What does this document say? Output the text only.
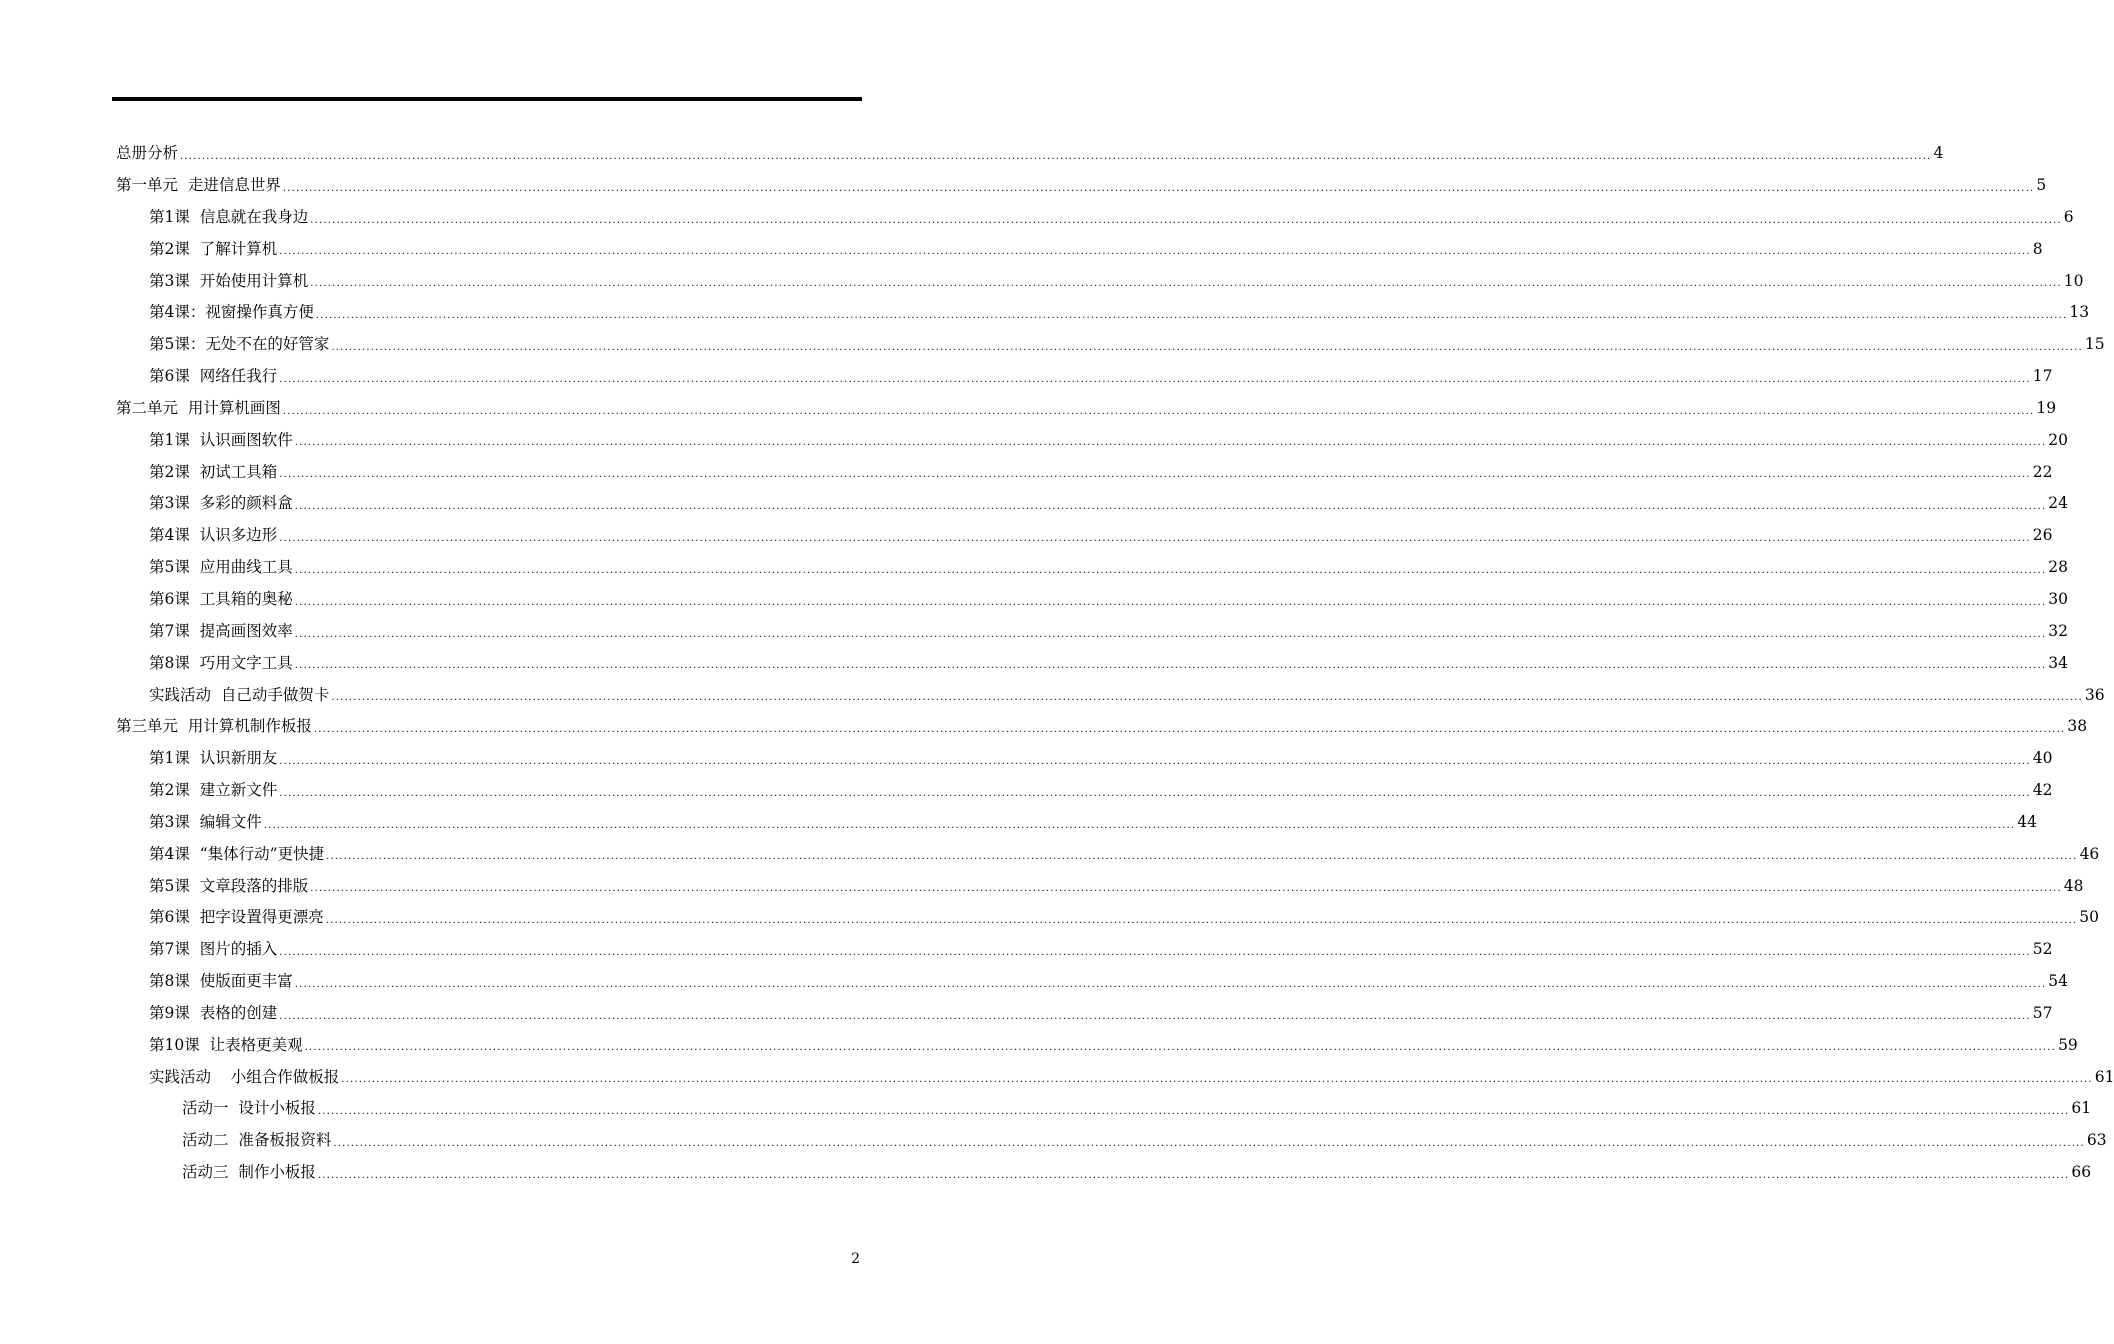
总册分析 ................................................................................................................................................................................................................................................................................................................................................................................................................ 4
第一单元  走进信息世界 ................................................................................................................................................................................................................................................................................................................................................................................................................ 5
第1课  信息就在我身边 ................................................................................................................................................................................................................................................................................................................................................................................................................ 6
第2课  了解计算机 ................................................................................................................................................................................................................................................................................................................................................................................................................ 8
第3课  开始使用计算机 ................................................................................................................................................................................................................................................................................................................................................................................................................ 10
第4课：视窗操作真方便 ................................................................................................................................................................................................................................................................................................................................................................................................................ 13
第5课：无处不在的好管家 ................................................................................................................................................................................................................................................................................................................................................................................................................ 15
第6课  网络任我行 ................................................................................................................................................................................................................................................................................................................................................................................................................ 17
第二单元  用计算机画图 ................................................................................................................................................................................................................................................................................................................................................................................................................ 19
第1课  认识画图软件 ................................................................................................................................................................................................................................................................................................................................................................................................................ 20
第2课  初试工具箱 ................................................................................................................................................................................................................................................................................................................................................................................................................ 22
第3课  多彩的颜料盒 ................................................................................................................................................................................................................................................................................................................................................................................................................ 24
第4课  认识多边形 ................................................................................................................................................................................................................................................................................................................................................................................................................ 26
第5课  应用曲线工具 ................................................................................................................................................................................................................................................................................................................................................................................................................ 28
第6课  工具箱的奥秘 ................................................................................................................................................................................................................................................................................................................................................................................................................ 30
第7课  提高画图效率 ................................................................................................................................................................................................................................................................................................................................................................................................................ 32
第8课  巧用文字工具 ................................................................................................................................................................................................................................................................................................................................................................................................................ 34
实践活动  自己动手做贺卡 ................................................................................................................................................................................................................................................................................................................................................................................................................ 36
第三单元  用计算机制作板报 ................................................................................................................................................................................................................................................................................................................................................................................................................ 38
第1课  认识新朋友 ................................................................................................................................................................................................................................................................................................................................................................................................................ 40
第2课  建立新文件 ................................................................................................................................................................................................................................................................................................................................................................................................................ 42
第3课  编辑文件 ................................................................................................................................................................................................................................................................................................................................................................................................................ 44
第4课  “集体行动”更快捷 ................................................................................................................................................................................................................................................................................................................................................................................................................ 46
第5课  文章段落的排版 ................................................................................................................................................................................................................................................................................................................................................................................................................ 48
第6课  把字设置得更漂亮 ................................................................................................................................................................................................................................................................................................................................................................................................................ 50
第7课  图片的插入 ................................................................................................................................................................................................................................................................................................................................................................................................................ 52
第8课  使版面更丰富 ................................................................................................................................................................................................................................................................................................................................................................................................................ 54
第9课  表格的创建 ................................................................................................................................................................................................................................................................................................................................................................................................................ 57
第10课  让表格更美观 ................................................................................................................................................................................................................................................................................................................................................................................................................ 59
实践活动    小组合作做板报 ................................................................................................................................................................................................................................................................................................................................................................................................................ 61
活动一  设计小板报 ................................................................................................................................................................................................................................................................................................................................................................................................................ 61
活动二  准备板报资料 ................................................................................................................................................................................................................................................................................................................................................................................................................ 63
活动三  制作小板报 ................................................................................................................................................................................................................................................................................................................................................................................................................ 66
2
